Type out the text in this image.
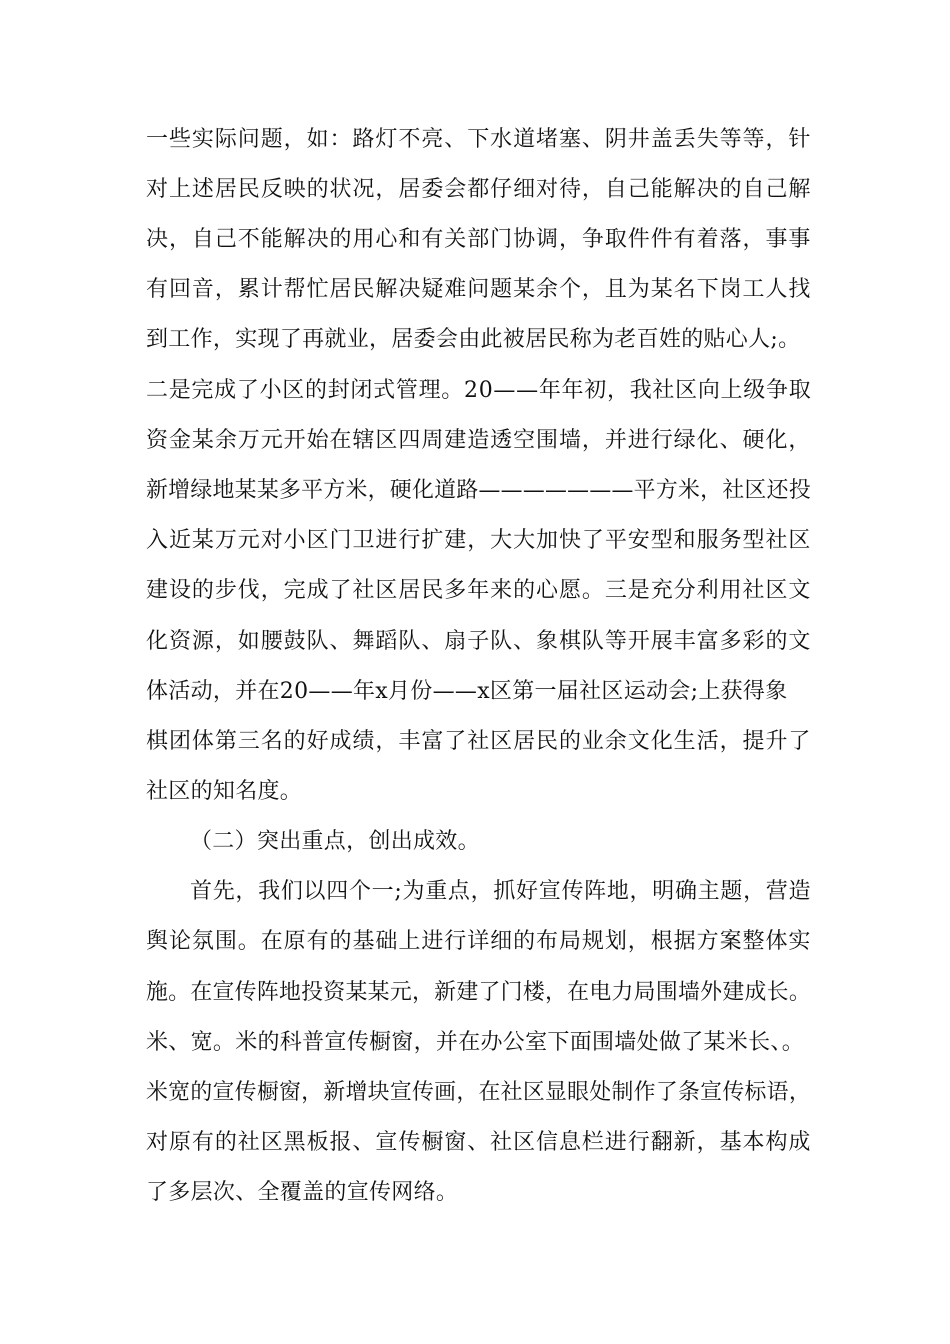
一些实际问题，如：路灯不亮、下水道堵塞、阴井盖丢失等等，针
对上述居民反映的状况，居委会都仔细对待，自己能解决的自己解
决，自己不能解决的用心和有关部门协调，争取件件有着落，事事
有回音，累计帮忙居民解决疑难问题某余个，且为某名下岗工人找
到工作，实现了再就业，居委会由此被居民称为老百姓的贴心人;。
二是完成了小区的封闭式管理。20——年年初，我社区向上级争取
资金某余万元开始在辖区四周建造透空围墙，并进行绿化、硬化，
新增绿地某某多平方米，硬化道路———————平方米，社区还投
入近某万元对小区门卫进行扩建，大大加快了平安型和服务型社区
建设的步伐，完成了社区居民多年来的心愿。三是充分利用社区文
化资源，如腰鼓队、舞蹈队、扇子队、象棋队等开展丰富多彩的文
体活动，并在20——年x月份——x区第一届社区运动会;上获得象
棋团体第三名的好成绩，丰富了社区居民的业余文化生活，提升了
社区的知名度。
（二）突出重点，创出成效。
首先，我们以四个一;为重点，抓好宣传阵地，明确主题，营造
舆论氛围。在原有的基础上进行详细的布局规划，根据方案整体实
施。在宣传阵地投资某某元，新建了门楼，在电力局围墙外建成长。
米、宽。米的科普宣传橱窗，并在办公室下面围墙处做了某米长、。
米宽的宣传橱窗，新增块宣传画，在社区显眼处制作了条宣传标语，
对原有的社区黑板报、宣传橱窗、社区信息栏进行翻新，基本构成
了多层次、全覆盖的宣传网络。
